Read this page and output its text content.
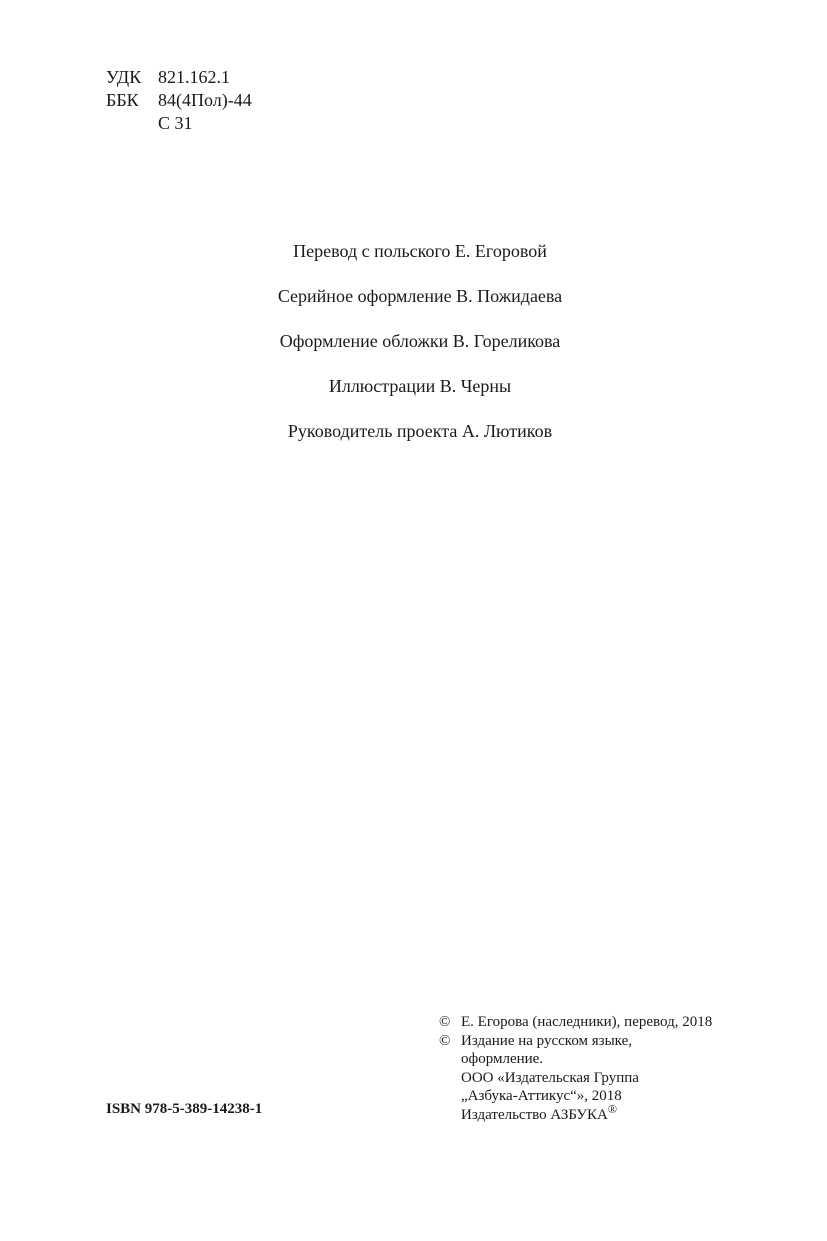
УДК 821.162.1
ББК	84(4Пол)-44
С 31
Перевод с польского Е. Егоровой
Серийное оформление В. Пожидаева
Оформление обложки В. Гореликова
Иллюстрации В. Черны
Руководитель проекта А. Лютиков
ISBN 978-5-389-14238-1
© Е. Егорова (наследники), перевод, 2018
© Издание на русском языке,
оформление.
ООО «Издательская Группа
„Азбука-Аттикус“», 2018
Издательство АЗБУКА®
